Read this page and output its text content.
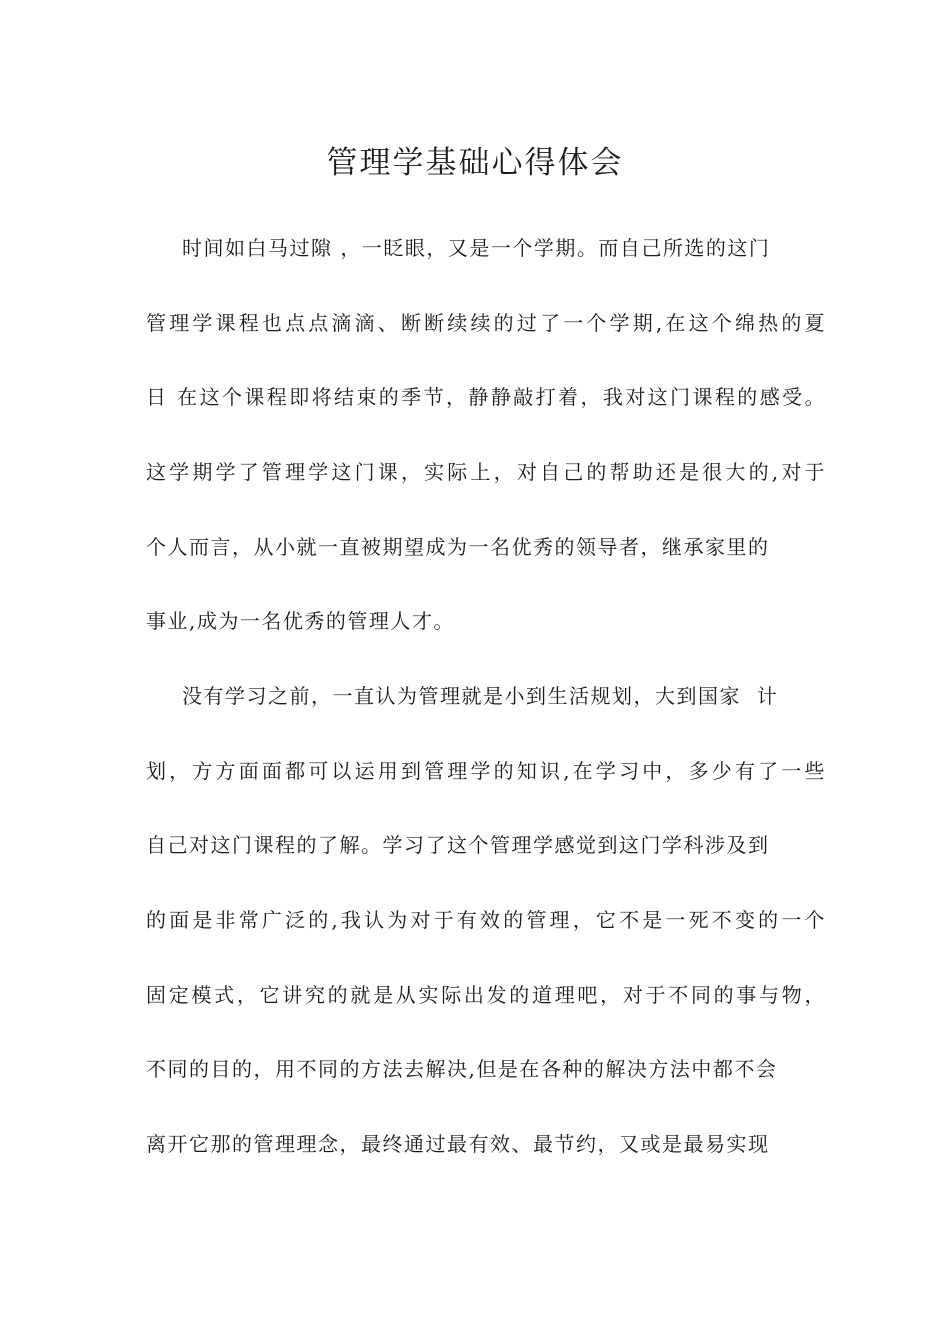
管理学基础心得体会

时间如白马过隙 ，一眨眼，又是一个学期。而自己所选的这门

管理学课程也点点滴滴、断断续续的过了一个学期,在这个绵热的夏

日 在这个课程即将结束的季节，静静敲打着，我对这门课程的感受。

这学期学了管理学这门课，实际上，对自己的帮助还是很大的,对于

个人而言，从小就一直被期望成为一名优秀的领导者，继承家里的

事业,成为一名优秀的管理人才。

没有学习之前，一直认为管理就是小到生活规划，大到国家  计

划，方方面面都可以运用到管理学的知识,在学习中，多少有了一些

自己对这门课程的了解。学习了这个管理学感觉到这门学科涉及到

的面是非常广泛的,我认为对于有效的管理，它不是一死不变的一个

固定模式，它讲究的就是从实际出发的道理吧，对于不同的事与物，

不同的目的，用不同的方法去解决,但是在各种的解决方法中都不会

离开它那的管理理念，最终通过最有效、最节约，又或是最易实现
